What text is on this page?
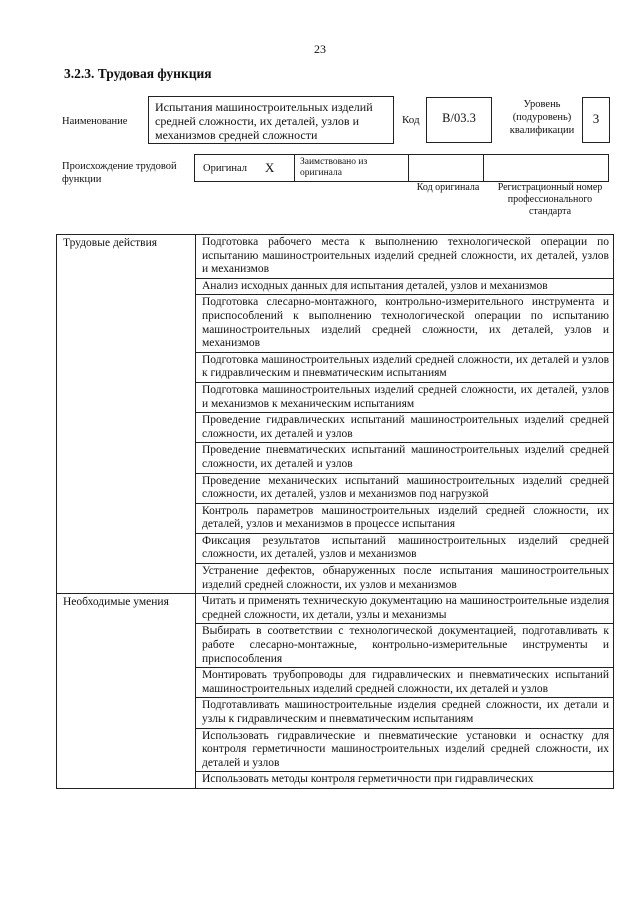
23
3.2.3. Трудовая функция
Наименование
Испытания машиностроительных изделий средней сложности, их деталей, узлов и механизмов средней сложности
Код	B/03.3
Уровень (подуровень) квалификации
3
Происхождение трудовой функции
Оригинал X	Заимствовано из оригинала
Код оригинала	Регистрационный номер профессионального стандарта
Трудовые действия	Подготовка рабочего места к выполнению технологической операции по испытанию машиностроительных изделий средней сложности, их деталей, узлов и механизмов
	Анализ исходных данных для испытания деталей, узлов и механизмов
	Подготовка слесарно-монтажного, контрольно-измерительного инструмента и приспособлений к выполнению технологической операции по испытанию машиностроительных изделий средней сложности, их деталей, узлов и механизмов
	Подготовка машиностроительных изделий средней сложности, их деталей и узлов к гидравлическим и пневматическим испытаниям
	Подготовка машиностроительных изделий средней сложности, их деталей, узлов и механизмов к механическим испытаниям
	Проведение гидравлических испытаний машиностроительных изделий средней сложности, их деталей и узлов
	Проведение пневматических испытаний машиностроительных изделий средней сложности, их деталей и узлов
	Проведение механических испытаний машиностроительных изделий средней сложности, их деталей, узлов и механизмов под нагрузкой
	Контроль параметров машиностроительных изделий средней сложности, их деталей, узлов и механизмов в процессе испытания
	Фиксация результатов испытаний машиностроительных изделий средней сложности, их деталей, узлов и механизмов
	Устранение дефектов, обнаруженных после испытания машиностроительных изделий средней сложности, их узлов и механизмов
Необходимые умения	Читать и применять техническую документацию на машиностроительные изделия средней сложности, их детали, узлы и механизмы
	Выбирать в соответствии с технологической документацией, подготавливать к работе слесарно-монтажные, контрольно-измерительные инструменты и приспособления
	Монтировать трубопроводы для гидравлических и пневматических испытаний машиностроительных изделий средней сложности, их деталей и узлов
	Подготавливать машиностроительные изделия средней сложности, их детали и узлы к гидравлическим и пневматическим испытаниям
	Использовать гидравлические и пневматические установки и оснастку для контроля герметичности машиностроительных изделий средней сложности, их деталей и узлов
	Использовать методы контроля герметичности при гидравлических
